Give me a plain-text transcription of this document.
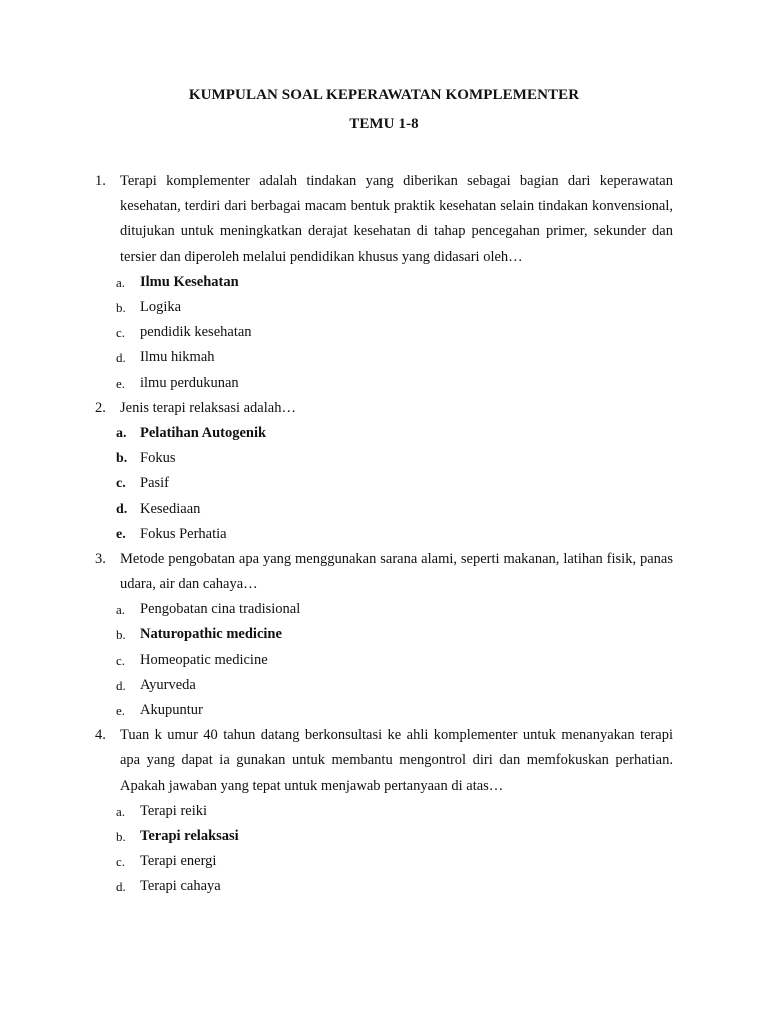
KUMPULAN SOAL KEPERAWATAN KOMPLEMENTER
TEMU 1-8
1. Terapi komplementer adalah tindakan yang diberikan sebagai bagian dari keperawatan kesehatan, terdiri dari berbagai macam bentuk praktik kesehatan selain tindakan konvensional, ditujukan untuk meningkatkan derajat kesehatan di tahap pencegahan primer, sekunder dan tersier dan diperoleh melalui pendidikan khusus yang didasari oleh…
a. Ilmu Kesehatan
b. Logika
c. pendidik kesehatan
d. Ilmu hikmah
e. ilmu perdukunan
2. Jenis terapi relaksasi adalah…
a. Pelatihan Autogenik
b. Fokus
c. Pasif
d. Kesediaan
e. Fokus Perhatia
3. Metode pengobatan apa yang menggunakan sarana alami, seperti makanan, latihan fisik, panas udara, air dan cahaya…
a. Pengobatan cina tradisional
b. Naturopathic medicine
c. Homeopatic medicine
d. Ayurveda
e. Akupuntur
4. Tuan k umur 40 tahun datang berkonsultasi ke ahli komplementer untuk menanyakan terapi apa yang dapat ia gunakan untuk membantu mengontrol diri dan memfokuskan perhatian. Apakah jawaban yang tepat untuk menjawab pertanyaan di atas…
a. Terapi reiki
b. Terapi relaksasi
c. Terapi energi
d. Terapi cahaya
